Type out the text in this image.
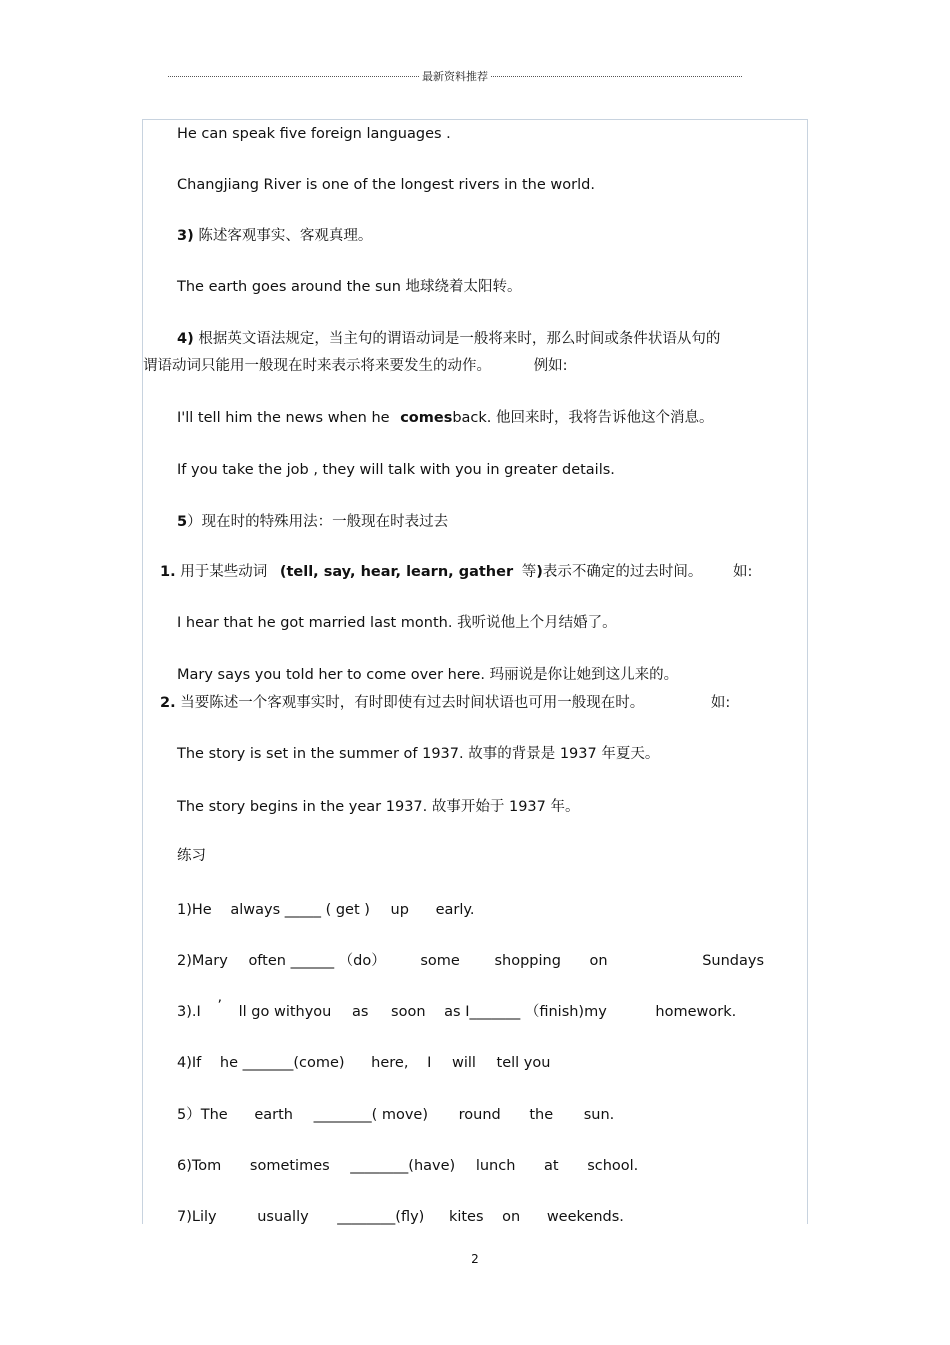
最新资料推荐
He can speak five foreign languages .
Changjiang River is one of the longest rivers in the world.
3) 陈述客观事实、客观真理。
The earth goes around the sun 地球绕着太阳转。
4) 根据英文语法规定，当主句的谓语动词是一般将来时，那么时间或条件状语从句的
谓语动词只能用一般现在时来表示将来要发生的动作。	例如:
I'll tell him the news when he comesback. 他回来时，我将告诉他这个消息。
If you take the job , they will talk with you in greater details.
5）现在时的特殊用法：一般现在时表过去
1. 用于某些动词 (tell, say, hear, learn, gather 等)表示不确定的过去时间。 如:
I hear that he got married last month. 我听说他上个月结婚了。
Mary says you told her to come over here. 玛丽说是你让她到这儿来的。
2. 当要陈述一个客观事实时，有时即使有过去时间状语也可用一般现在时。	如:
The story is set in the summer of 1937. 故事的背景是 1937 年夏天。
The story begins in the year 1937. 故事开始于 1937 年。
练习
1)He always _____ ( get ) up early.
2)Mary often ______ （do） some shopping on	Sundays
3).I ’ ll go withyou as soon as I_______ （finish)my	homework.
4)If he _______(come) here, I will tell you
5）The earth ________( move) round the sun.
6)Tom sometimes ________(have) lunch at school.
7)Lily	usually ________(fly) kites on weekends.
2
